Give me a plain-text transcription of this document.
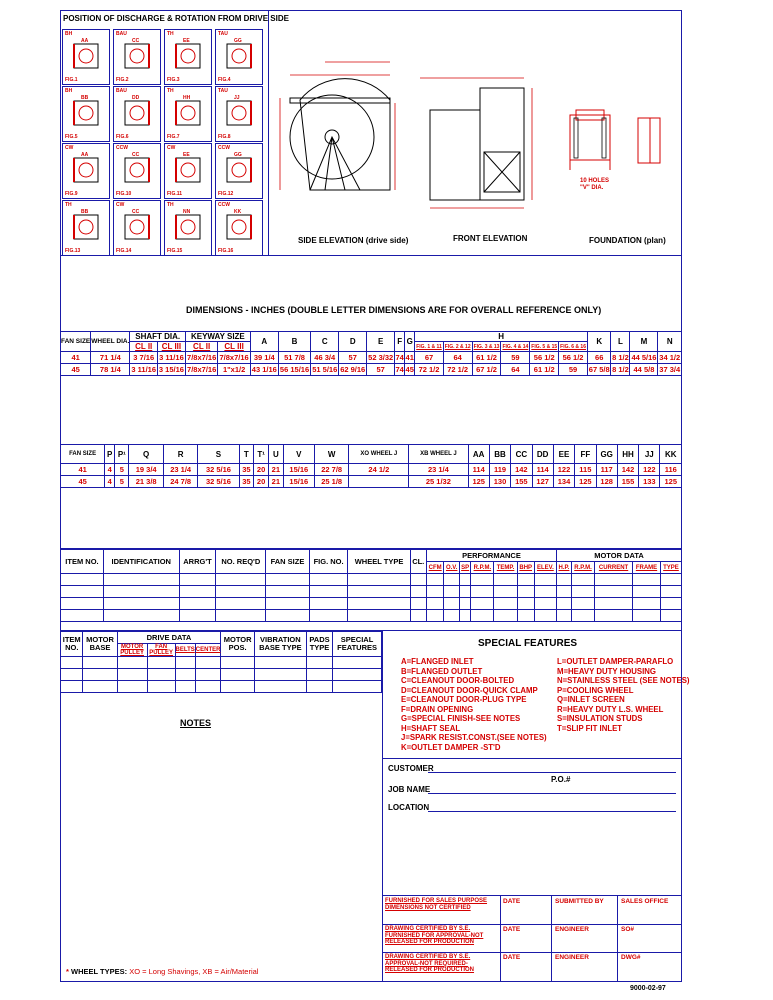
POSITION OF DISCHARGE & ROTATION FROM DRIVE SIDE
BH
FIG.1
AA
BAU
FIG.2
CC
TH
FIG.3
EE
TAU
FIG.4
GG
BH
FIG.5
BB
BAU
FIG.6
DD
TH
FIG.7
HH
TAU
FIG.8
JJ
CW
FIG.9
AA
CCW
FIG.10
CC
CW
FIG.11
EE
CCW
FIG.12
GG
TH
FIG.13
BB
CW
FIG.14
CC
TH
FIG.15
NN
CCW
FIG.16
KK
SIDE ELEVATION (drive side)	FRONT ELEVATION	FOUNDATION (plan)
10 HOLES
"V" DIA.
DIMENSIONS - INCHES (DOUBLE LETTER DIMENSIONS ARE FOR OVERALL REFERENCE ONLY)
FAN SIZE	WHEEL DIA.	SHAFT DIA.		KEYWAY SIZE		A	B	C	D	E	F	G	H						K	L	M	N
		CL II	CL III	CL II	CL III								FIG. 1 & 11	FIG. 2 & 12	FIG. 3 & 13	FIG. 4 & 14	FIG. 5 & 15	FIG. 6 & 16				
41	71 1/4	3 7/16	3 11/16	7/8x7/16	7/8x7/16	39 1/4	51 7/8	46 3/4	57	52 3/32	74	41	67	64	61 1/2	59	56 1/2	56 1/2	66	8 1/2	44 5/16	34 1/2
45	78 1/4	3 11/16	3 15/16	7/8x7/16	1"x1/2	43 1/16	56 15/16	51 5/16	62 9/16	57	74	45	72 1/2	72 1/2	67 1/2	64	61 1/2	59	67 5/8	8 1/2	44 5/8	37 3/4
FAN SIZE	P	P¹	Q	R	S	T	T¹	U	V	W	XO WHEEL J	XB WHEEL J	AA	BB	CC	DD	EE	FF	GG	HH	JJ	KK
41	4	5	19 3/4	23 1/4	32 5/16	35	20	21	15/16	22 7/8	24 1/2	23 1/4	114	119	142	114	122	115	117	142	122	116
45	4	5	21 3/8	24 7/8	32 5/16	35	20	21	15/16	25 1/8		25 1/32	125	130	155	127	134	125	128	155	133	125
ITEM NO.	IDENTIFICATION	ARRG'T	NO. REQ'D	FAN SIZE	FIG. NO.	WHEEL TYPE	CL.	PERFORMANCE							MOTOR DATA				
								CFM	O.V.	SP	R.P.M.	TEMP.	BHP	ELEV.	H.P.	R.P.M.	CURRENT	FRAME	TYPE

ITEM NO.	MOTOR BASE	DRIVE DATA				MOTOR POS.	VIBRATION BASE TYPE	PADS TYPE	SPECIAL FEATURES
		MOTOR PULLEY	FAN PULLEY	BELTS	CENTER				

SPECIAL FEATURES
A=FLANGED INLET
B=FLANGED OUTLET
C=CLEANOUT DOOR-BOLTED
D=CLEANOUT DOOR-QUICK CLAMP
E=CLEANOUT DOOR-PLUG TYPE
F=DRAIN OPENING
G=SPECIAL FINISH-SEE NOTES
H=SHAFT SEAL
J=SPARK RESIST.CONST.(SEE NOTES)
K=OUTLET DAMPER -ST'D
L=OUTLET DAMPER-PARAFLO
M=HEAVY DUTY HOUSING
N=STAINLESS STEEL (SEE NOTES)
P=COOLING WHEEL
Q=INLET SCREEN
R=HEAVY DUTY L.S. WHEEL
S=INSULATION STUDS
T=SLIP FIT INLET
NOTES
CUSTOMER
P.O.#
JOB NAME
LOCATION
FURNISHED FOR SALES PURPOSE DIMENSIONS NOT CERTIFIED
DATE	SUBMITTED BY	SALES OFFICE
DRAWING CERTIFIED BY S.E. FURNISHED FOR APPROVAL-NOT RELEASED FOR PRODUCTION
DATE	ENGINEER	SO#
DRAWING CERTIFIED BY S.E. APPROVAL-NOT REQUIRED-RELEASED FOR PRODUCTION
DATE	ENGINEER	DWG#
* WHEEL TYPES: XO = Long Shavings, XB = Air/Material
9000-02-97
